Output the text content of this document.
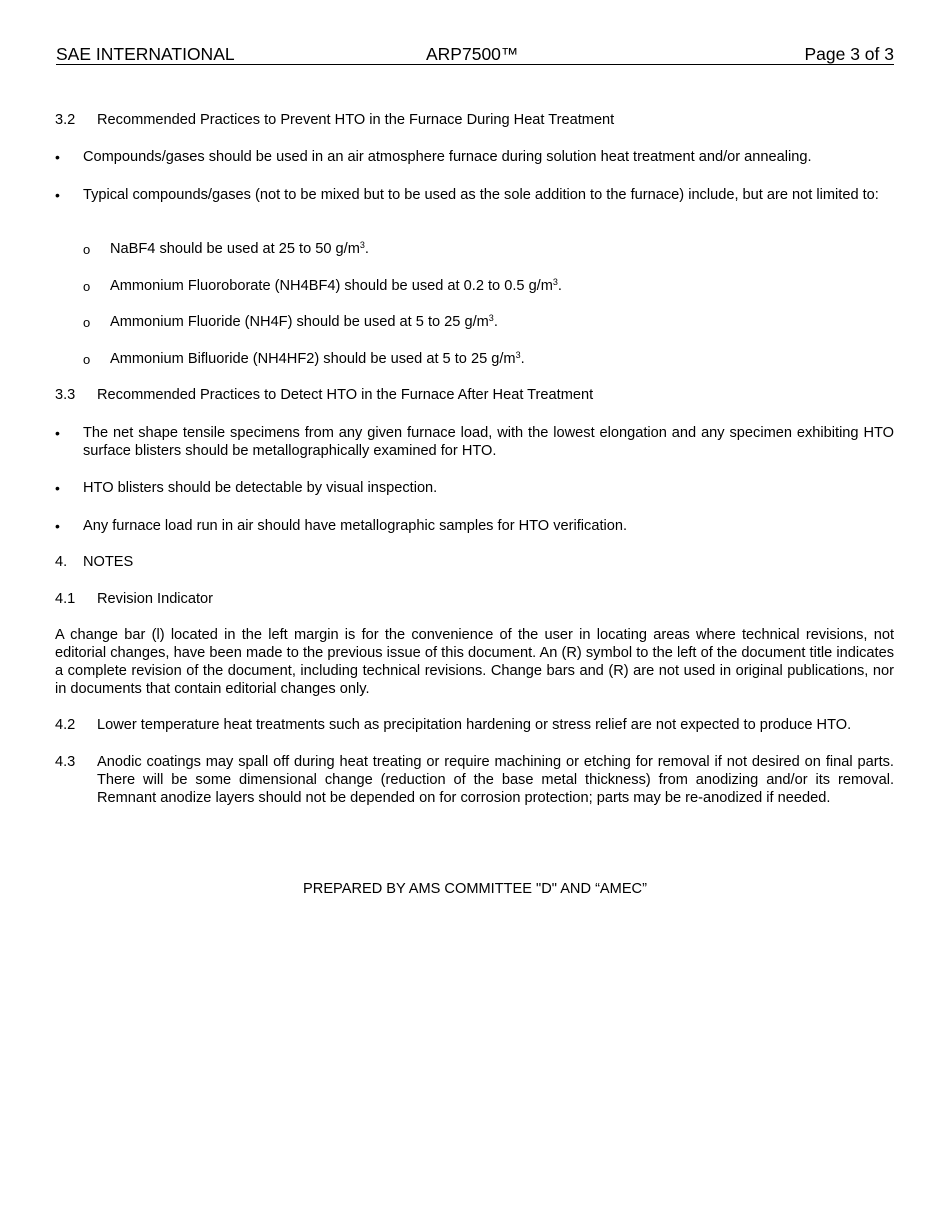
SAE INTERNATIONAL	ARP7500™	Page 3 of 3
3.2 Recommended Practices to Prevent HTO in the Furnace During Heat Treatment
• Compounds/gases should be used in an air atmosphere furnace during solution heat treatment and/or annealing.
• Typical compounds/gases (not to be mixed but to be used as the sole addition to the furnace) include, but are not limited to:
o NaBF4 should be used at 25 to 50 $g/m^3$.
o Ammonium Fluoroborate (NH4BF4) should be used at 0.2 to 0.5 $g/m^3$.
o Ammonium Fluoride (NH4F) should be used at 5 to 25 $g/m^3$.
o Ammonium Bifluoride (NH4HF2) should be used at 5 to 25 $g/m^3$.
3.3 Recommended Practices to Detect HTO in the Furnace After Heat Treatment
• The net shape tensile specimens from any given furnace load, with the lowest elongation and any specimen exhibiting HTO surface blisters should be metallographically examined for HTO.
• HTO blisters should be detectable by visual inspection.
• Any furnace load run in air should have metallographic samples for HTO verification.
4. NOTES
4.1 Revision Indicator
A change bar (l) located in the left margin is for the convenience of the user in locating areas where technical revisions, not editorial changes, have been made to the previous issue of this document. An (R) symbol to the left of the document title indicates a complete revision of the document, including technical revisions. Change bars and (R) are not used in original publications, nor in documents that contain editorial changes only.
4.2 Lower temperature heat treatments such as precipitation hardening or stress relief are not expected to produce HTO.
4.3 Anodic coatings may spall off during heat treating or require machining or etching for removal if not desired on final parts. There will be some dimensional change (reduction of the base metal thickness) from anodizing and/or its removal. Remnant anodize layers should not be depended on for corrosion protection; parts may be re-anodized if needed.
PREPARED BY AMS COMMITTEE "D" AND “AMEC”
